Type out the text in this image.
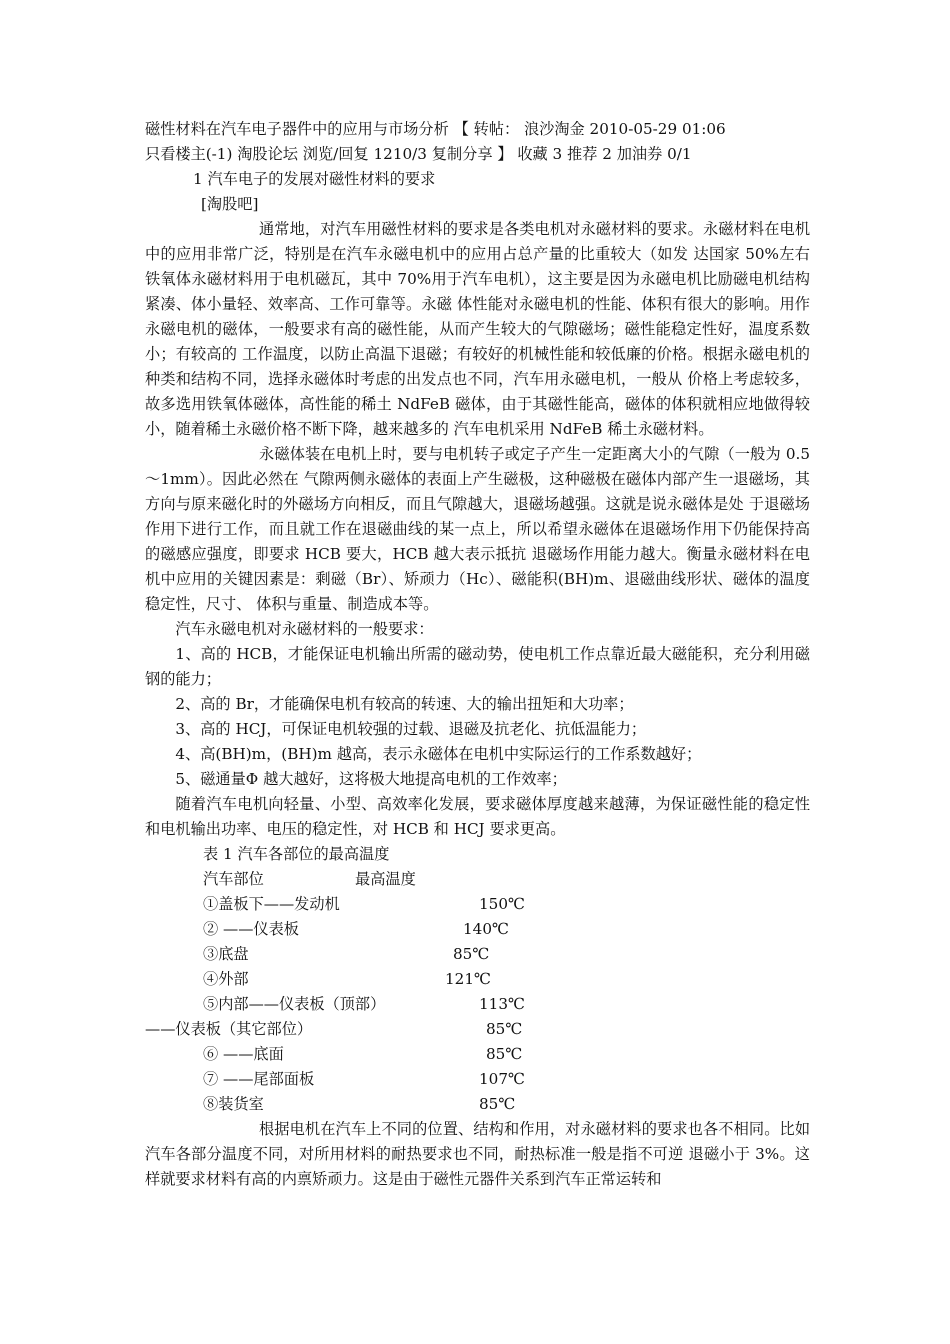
磁性材料在汽车电子器件中的应用与市场分析 【 转帖： 浪沙淘金 2010-05-29 01:06

只看楼主(-1) 淘股论坛 浏览/回复 1210/3 复制分享 】 收藏 3 推荐 2 加油券 0/1

1 汽车电子的发展对磁性材料的要求

[淘股吧]

通常地，对汽车用磁性材料的要求是各类电机对永磁材料的要求。永磁材料在电机中的应用非常广泛，特别是在汽车永磁电机中的应用占总产量的比重较大（如发 达国家 50%左右铁氧体永磁材料用于电机磁瓦，其中 70%用于汽车电机），这主要是因为永磁电机比励磁电机结构紧凑、体小量轻、效率高、工作可靠等。永磁 体性能对永磁电机的性能、体积有很大的影响。用作永磁电机的磁体，一般要求有高的磁性能，从而产生较大的气隙磁场；磁性能稳定性好，温度系数小；有较高的 工作温度，以防止高温下退磁；有较好的机械性能和较低廉的价格。根据永磁电机的种类和结构不同，选择永磁体时考虑的出发点也不同，汽车用永磁电机，一般从 价格上考虑较多，故多选用铁氧体磁体，高性能的稀土 NdFeB 磁体，由于其磁性能高，磁体的体积就相应地做得较小，随着稀土永磁价格不断下降，越来越多的 汽车电机采用 NdFeB 稀土永磁材料。

永磁体装在电机上时，要与电机转子或定子产生一定距离大小的气隙（一般为 0.5～1mm）。因此必然在 气隙两侧永磁体的表面上产生磁极，这种磁极在磁体内部产生一退磁场，其方向与原来磁化时的外磁场方向相反，而且气隙越大，退磁场越强。这就是说永磁体是处 于退磁场作用下进行工作，而且就工作在退磁曲线的某一点上，所以希望永磁体在退磁场作用下仍能保持高的磁感应强度，即要求 HCB 要大，HCB 越大表示抵抗 退磁场作用能力越大。衡量永磁材料在电机中应用的关键因素是：剩磁（Br）、矫顽力（Hc）、磁能积(BH)m、退磁曲线形状、磁体的温度稳定性，尺寸、 体积与重量、制造成本等。

汽车永磁电机对永磁材料的一般要求：

1、高的 HCB，才能保证电机输出所需的磁动势，使电机工作点靠近最大磁能积，充分利用磁钢的能力；

2、高的 Br，才能确保电机有较高的转速、大的输出扭矩和大功率；

3、高的 HCJ，可保证电机较强的过载、退磁及抗老化、抗低温能力；

4、高(BH)m，(BH)m 越高，表示永磁体在电机中实际运行的工作系数越好；

5、磁通量Φ 越大越好，这将极大地提高电机的工作效率；

随着汽车电机向轻量、小型、高效率化发展，要求磁体厚度越来越薄，为保证磁性能的稳定性和电机输出功率、电压的稳定性，对 HCB 和 HCJ 要求更高。

表 1 汽车各部位的最高温度
汽车部位	最高温度
①盖板下——发动机	150℃
② ——仪表板	140℃
③底盘	85℃
④外部	121℃
⑤内部——仪表板（顶部）	113℃
——仪表板（其它部位）	85℃
⑥ ——底面	85℃
⑦ ——尾部面板	107℃
⑧装货室	85℃

根据电机在汽车上不同的位置、结构和作用，对永磁材料的要求也各不相同。比如汽车各部分温度不同，对所用材料的耐热要求也不同，耐热标准一般是指不可逆 退磁小于 3%。这样就要求材料有高的内禀矫顽力。这是由于磁性元器件关系到汽车正常运转和
